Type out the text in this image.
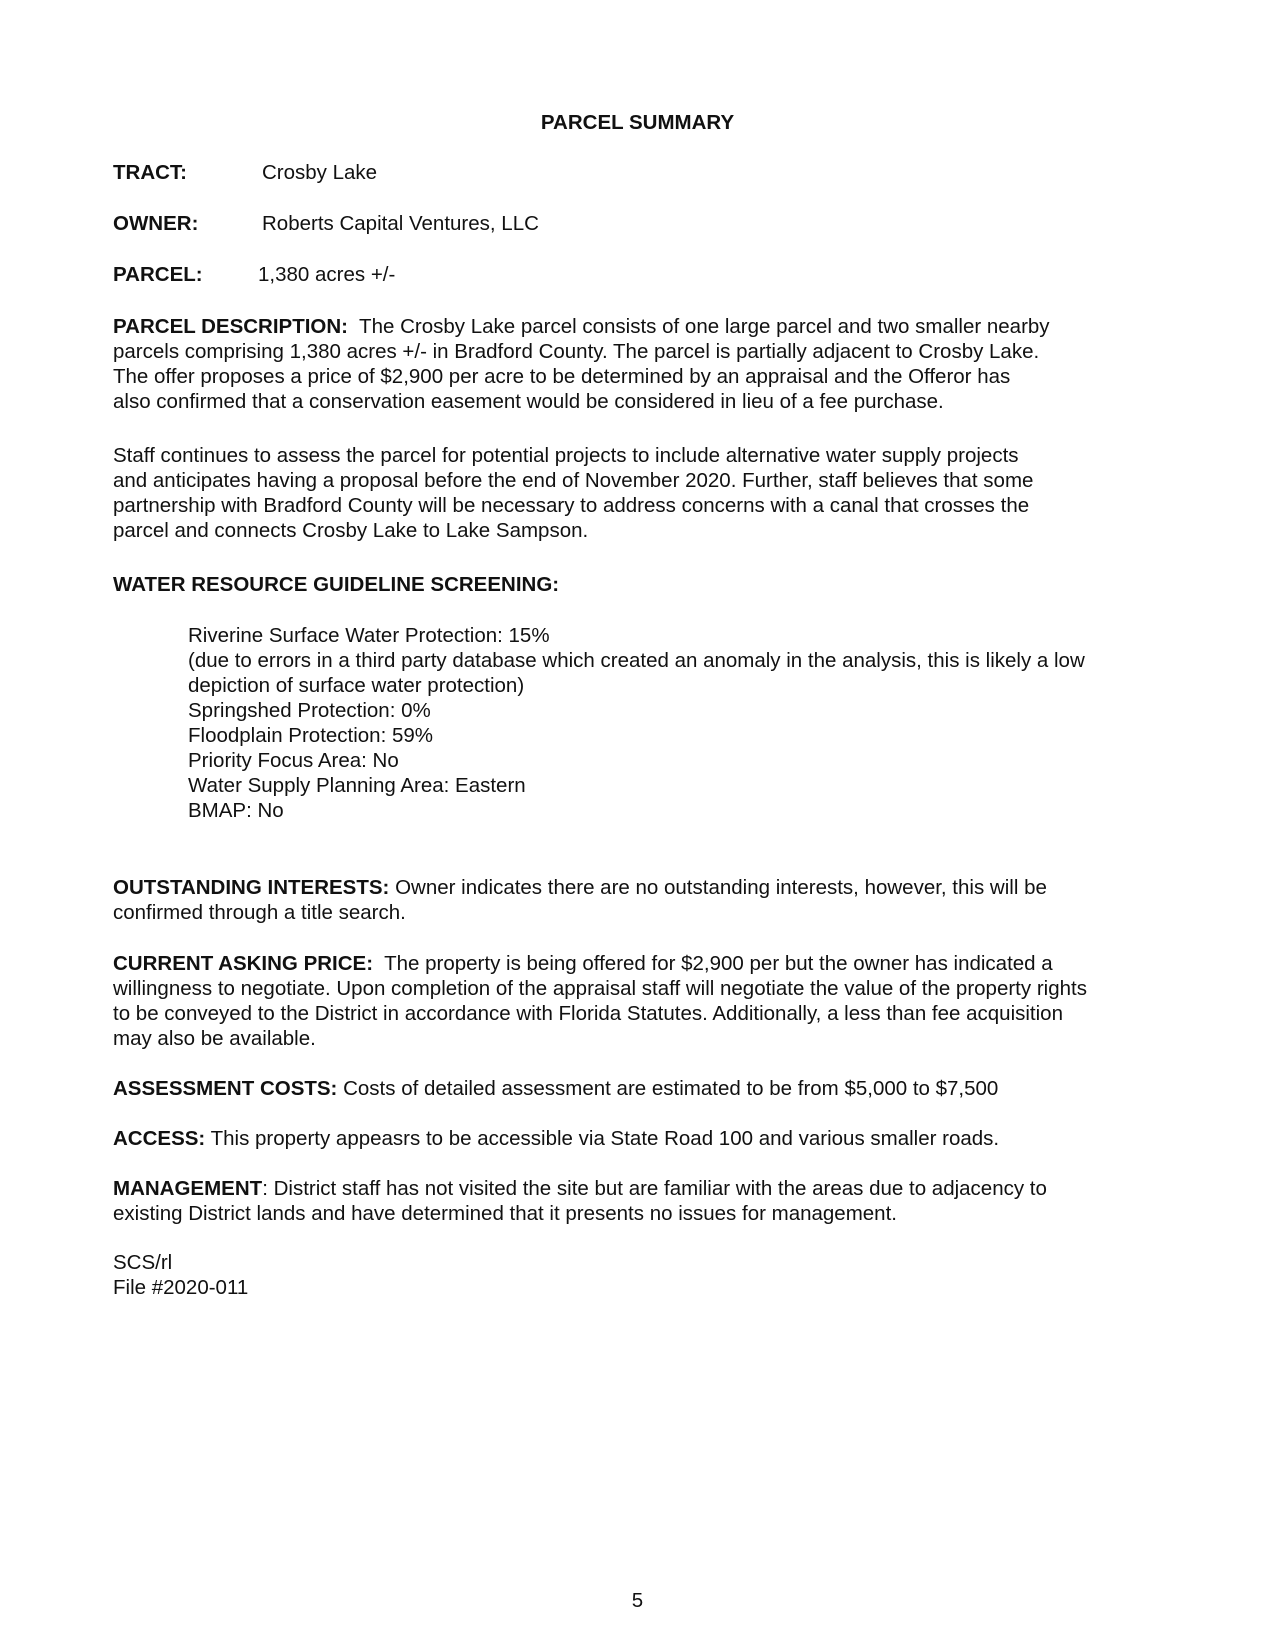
PARCEL SUMMARY
TRACT:	Crosby Lake
OWNER:	Roberts Capital Ventures, LLC
PARCEL:	1,380 acres +/-
PARCEL DESCRIPTION: The Crosby Lake parcel consists of one large parcel and two smaller nearby
parcels comprising 1,380 acres +/- in Bradford County. The parcel is partially adjacent to Crosby Lake.
The offer proposes a price of $2,900 per acre to be determined by an appraisal and the Offeror has
also confirmed that a conservation easement would be considered in lieu of a fee purchase.
Staff continues to assess the parcel for potential projects to include alternative water supply projects
and anticipates having a proposal before the end of November 2020. Further, staff believes that some
partnership with Bradford County will be necessary to address concerns with a canal that crosses the
parcel and connects Crosby Lake to Lake Sampson.
WATER RESOURCE GUIDELINE SCREENING:
Riverine Surface Water Protection: 15%
(due to errors in a third party database which created an anomaly in the analysis, this is likely a low
depiction of surface water protection)
Springshed Protection: 0%
Floodplain Protection: 59%
Priority Focus Area: No
Water Supply Planning Area: Eastern
BMAP: No
OUTSTANDING INTERESTS: Owner indicates there are no outstanding interests, however, this will be
confirmed through a title search.
CURRENT ASKING PRICE: The property is being offered for $2,900 per but the owner has indicated a
willingness to negotiate. Upon completion of the appraisal staff will negotiate the value of the property rights
to be conveyed to the District in accordance with Florida Statutes. Additionally, a less than fee acquisition
may also be available.
ASSESSMENT COSTS: Costs of detailed assessment are estimated to be from $5,000 to $7,500
ACCESS: This property appeasrs to be accessible via State Road 100 and various smaller roads.
MANAGEMENT: District staff has not visited the site but are familiar with the areas due to adjacency to
existing District lands and have determined that it presents no issues for management.
SCS/rl
File #2020-011
5
